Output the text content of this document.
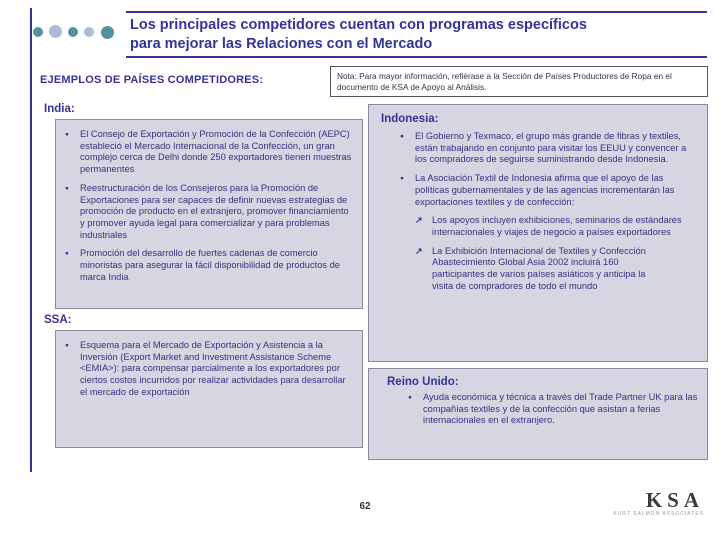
Los principales competidores cuentan con programas específicos
para mejorar las Relaciones con el Mercado
EJEMPLOS DE PAÍSES COMPETIDORES:	Nota: Para mayor información, refiérase a la Sección de Países Productores de Ropa en el documento de KSA de Apoyo al Análisis.
India:
●	El Consejo de Exportación y Promoción de la Confección (AEPC) estableció el Mercado Internacional de la Confección, un gran complejo cerca de Delhi donde 250 exportadores tienen muestras permanentes
●	Reestructuración de los Consejeros para la Promoción de Exportaciones para ser capaces de definir nuevas estrategias de promoción de producto en el extranjero, promover financiamiento y promover ayuda legal para comercializar y para problemas industriales
●	Promoción del desarrollo de fuertes cadenas de comercio minoristas para asegurar la fácil disponibilidad de productos de marca India
SSA:
●	Esquema para el Mercado de Exportación y Asistencia a la Inversión (Export Market and Investment Assistance Scheme <EMIA>): para compensar parcialmente a los exportadores por ciertos costos incurridos por realizar actividades para desarrollar el mercado de exportación
Indonesia:
●	El Gobierno y Texmaco, el grupo más grande de fibras y textiles, están trabajando en conjunto para visitar los EEUU y convencer a los compradores de seguirse suministrando desde Indonesia.
●	La Asociación Textil de Indonesia afirma que el apoyo de las políticas gubernamentales y de las agencias incrementarán las exportaciones textiles y de confección:
↗	Los apoyos incluyen exhibiciones, seminarios de estándares internacionales y viajes de negocio a países exportadores
↗	La Exhibición Internacional de Textiles y Confección Abastecimiento Global Asia 2002 incluirá 160 participantes de varios países asiáticos y anticipa la visita de compradores de todo el mundo
Reino Unido:
●	Ayuda económica y técnica a través del Trade Partner UK para las compañías textiles y de la confección que asistan a ferias internacionales en el extranjero.
62	KSA
KURT SALMON ASSOCIATES
